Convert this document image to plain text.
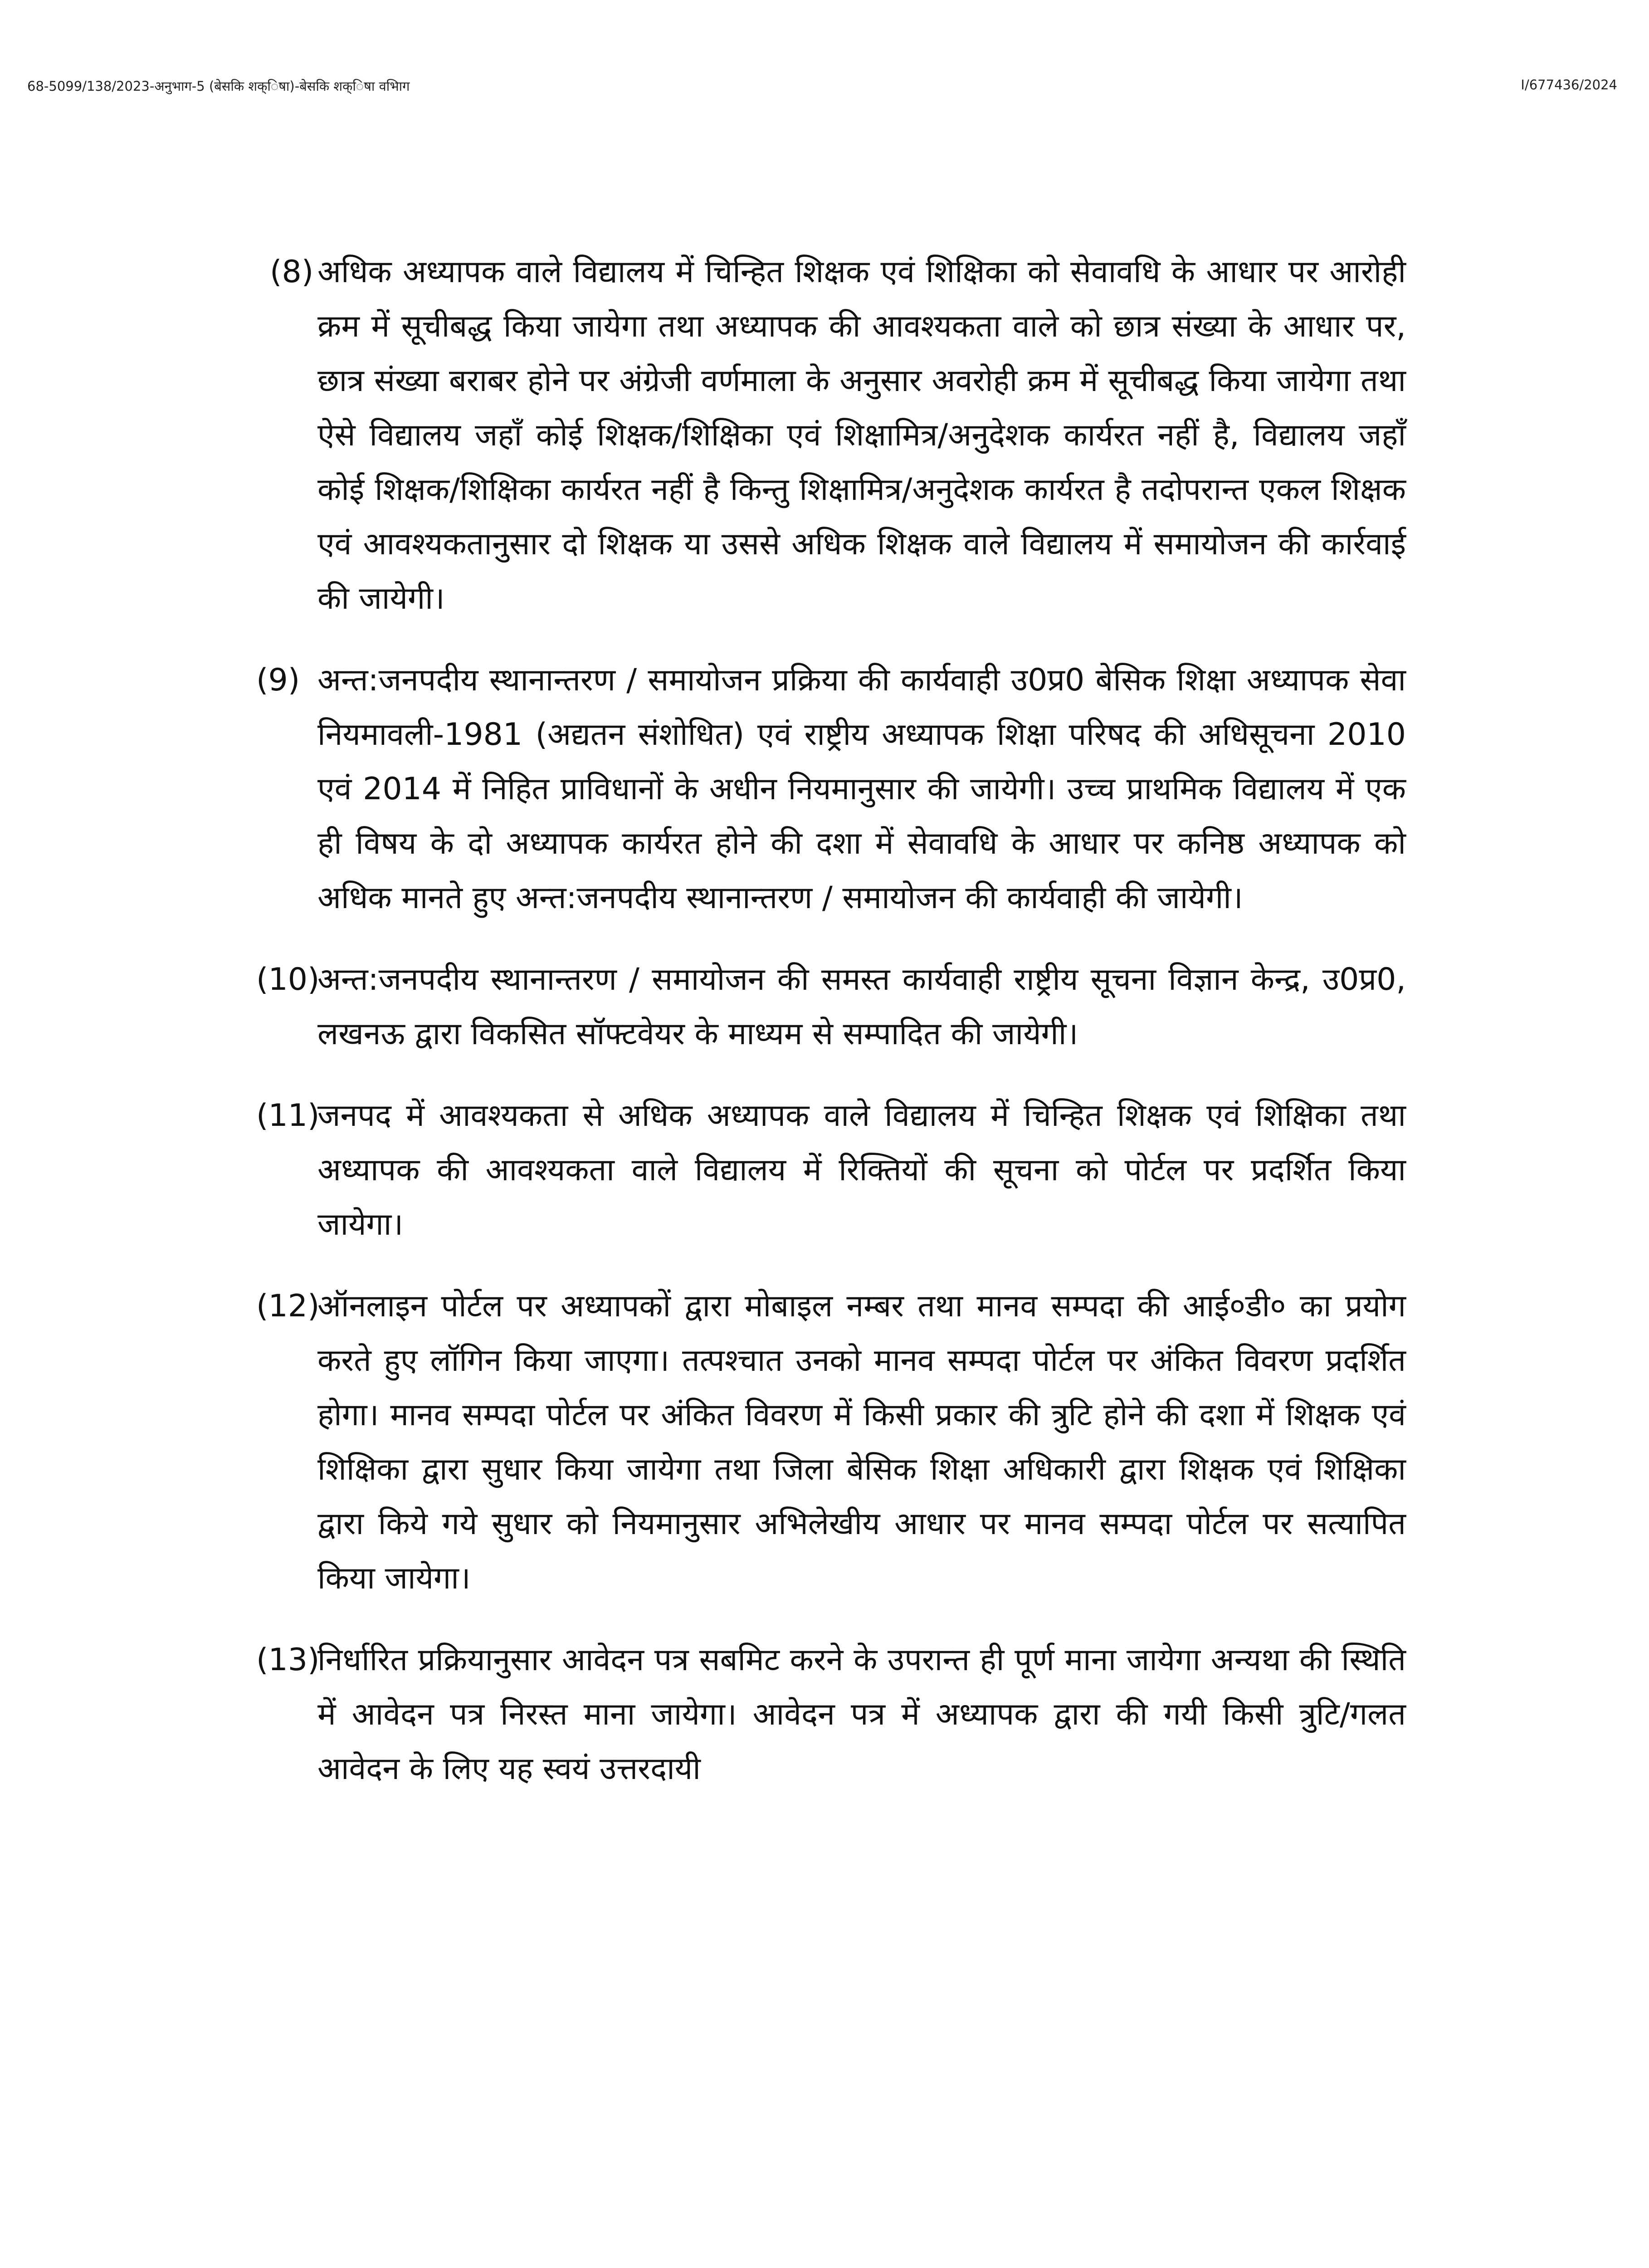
68-5099/138/2023-अनुभाग-5 (बेसकि शक्िषा)-बेसकि शक्िषा वभिाग	I/677436/2024
(8) अधिक अध्यापक वाले विद्यालय में चिन्हित शिक्षक एवं शिक्षिका को सेवावधि के आधार पर आरोही क्रम में सूचीबद्ध किया जायेगा तथा अध्यापक की आवश्यकता वाले को छात्र संख्या के आधार पर, छात्र संख्या बराबर होने पर अंग्रेजी वर्णमाला के अनुसार अवरोही क्रम में सूचीबद्ध किया जायेगा तथा ऐसे विद्यालय जहाँ कोई शिक्षक/शिक्षिका एवं शिक्षामित्र/अनुदेशक कार्यरत नहीं है, विद्यालय जहाँ कोई शिक्षक/शिक्षिका कार्यरत नहीं है किन्तु शिक्षामित्र/अनुदेशक कार्यरत है तदोपरान्त एकल शिक्षक एवं आवश्यकतानुसार दो शिक्षक या उससे अधिक शिक्षक वाले विद्यालय में समायोजन की कार्रवाई की जायेगी।
(9) अन्त:जनपदीय स्थानान्तरण / समायोजन प्रक्रिया की कार्यवाही उ0प्र0 बेसिक शिक्षा अध्यापक सेवा नियमावली-1981 (अद्यतन संशोधित) एवं राष्ट्रीय अध्यापक शिक्षा परिषद की अधिसूचना 2010 एवं 2014 में निहित प्राविधानों के अधीन नियमानुसार की जायेगी। उच्च प्राथमिक विद्यालय में एक ही विषय के दो अध्यापक कार्यरत होने की दशा में सेवावधि के आधार पर कनिष्ठ अध्यापक को अधिक मानते हुए अन्त:जनपदीय स्थानान्तरण / समायोजन की कार्यवाही की जायेगी।
(10)
अन्त:जनपदीय स्थानान्तरण / समायोजन की समस्त कार्यवाही राष्ट्रीय सूचना विज्ञान केन्द्र, उ0प्र0, लखनऊ द्वारा विकसित सॉफ्टवेयर के माध्यम से सम्पादित की जायेगी।
(11)
जनपद में आवश्यकता से अधिक अध्यापक वाले विद्यालय में चिन्हित शिक्षक एवं शिक्षिका तथा अध्यापक की आवश्यकता वाले विद्यालय में रिक्तियों की सूचना को पोर्टल पर प्रदर्शित किया जायेगा।
(12)
ऑनलाइन पोर्टल पर अध्यापकों द्वारा मोबाइल नम्बर तथा मानव सम्पदा की आई०डी० का प्रयोग करते हुए लॉगिन किया जाएगा। तत्पश्चात उनको मानव सम्पदा पोर्टल पर अंकित विवरण प्रदर्शित होगा। मानव सम्पदा पोर्टल पर अंकित विवरण में किसी प्रकार की त्रुटि होने की दशा में शिक्षक एवं शिक्षिका द्वारा सुधार किया जायेगा तथा जिला बेसिक शिक्षा अधिकारी द्वारा शिक्षक एवं शिक्षिका द्वारा किये गये सुधार को नियमानुसार अभिलेखीय आधार पर मानव सम्पदा पोर्टल पर सत्यापित किया जायेगा।
(13)
निर्धारित प्रक्रियानुसार आवेदन पत्र सबमिट करने के उपरान्त ही पूर्ण माना जायेगा अन्यथा की स्थिति में आवेदन पत्र निरस्त माना जायेगा। आवेदन पत्र में अध्यापक द्वारा की गयी किसी त्रुटि/गलत आवेदन के लिए यह स्वयं उत्तरदायी
